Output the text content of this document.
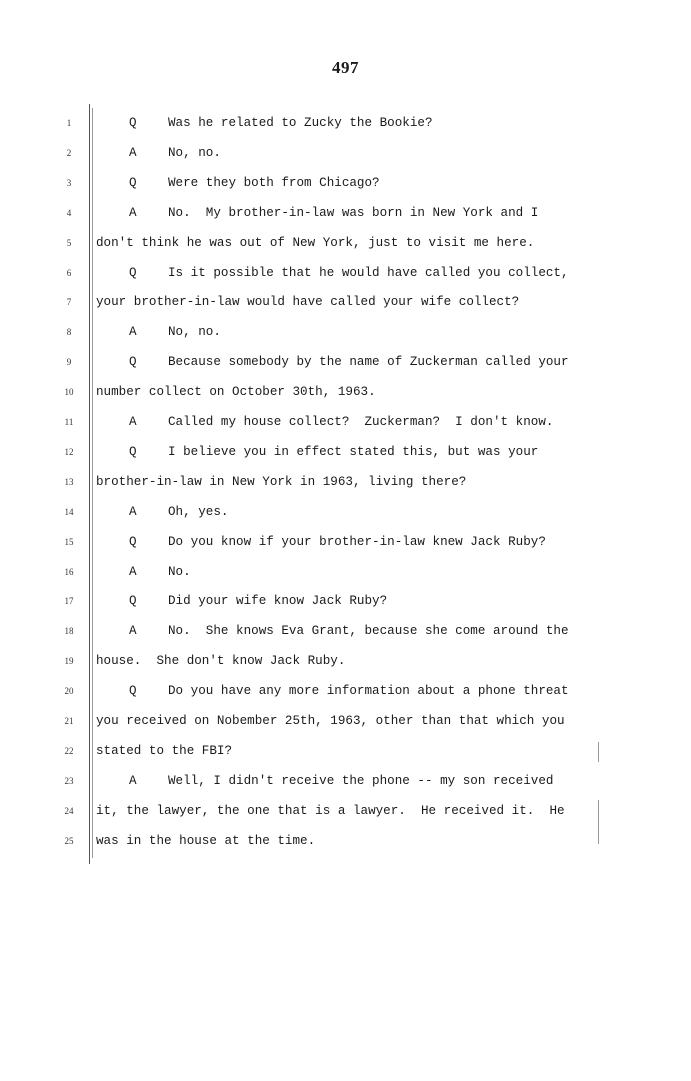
497
1	Q Was he related to Zucky the Bookie?
2	A No, no.
3	Q Were they both from Chicago?
4	A No.  My brother-in-law was born in New York and I
5	don't think he was out of New York, just to visit me here.
6	Q Is it possible that he would have called you collect,
7	your brother-in-law would have called your wife collect?
8	A No, no.
9	Q Because somebody by the name of Zuckerman called your
10	number collect on October 30th, 1963.
11	A Called my house collect?  Zuckerman?  I don't know.
12	Q I believe you in effect stated this, but was your
13	brother-in-law in New York in 1963, living there?
14	A Oh, yes.
15	Q Do you know if your brother-in-law knew Jack Ruby?
16	A No.
17	Q Did your wife know Jack Ruby?
18	A No.  She knows Eva Grant, because she come around the
19	house.  She don't know Jack Ruby.
20	Q Do you have any more information about a phone threat
21	you received on Nobember 25th, 1963, other than that which you
22	stated to the FBI?
23	A Well, I didn't receive the phone -- my son received
24	it, the lawyer, the one that is a lawyer.  He received it.  He
25	was in the house at the time.
